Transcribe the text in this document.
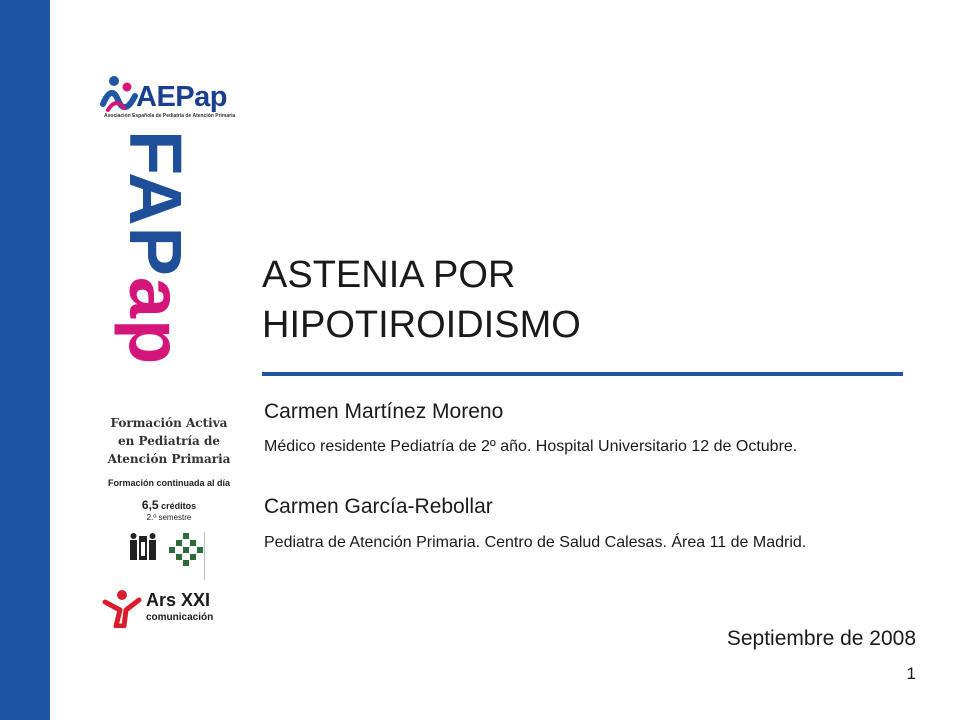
AEPap
Asociación Española de Pediatría de Atención Primaria
FAPap
Formación Activa
en Pediatría de
Atención Primaria
Formación continuada al día
6,5 créditos
2.º semestre
Ars XXI
comunicación
ASTENIA POR
HIPOTIROIDISMO
Carmen Martínez Moreno
Médico residente Pediatría de 2º año. Hospital Universitario 12 de Octubre.
Carmen García-Rebollar
Pediatra de Atención Primaria. Centro de Salud Calesas. Área 11 de Madrid.
Septiembre de 2008
1
